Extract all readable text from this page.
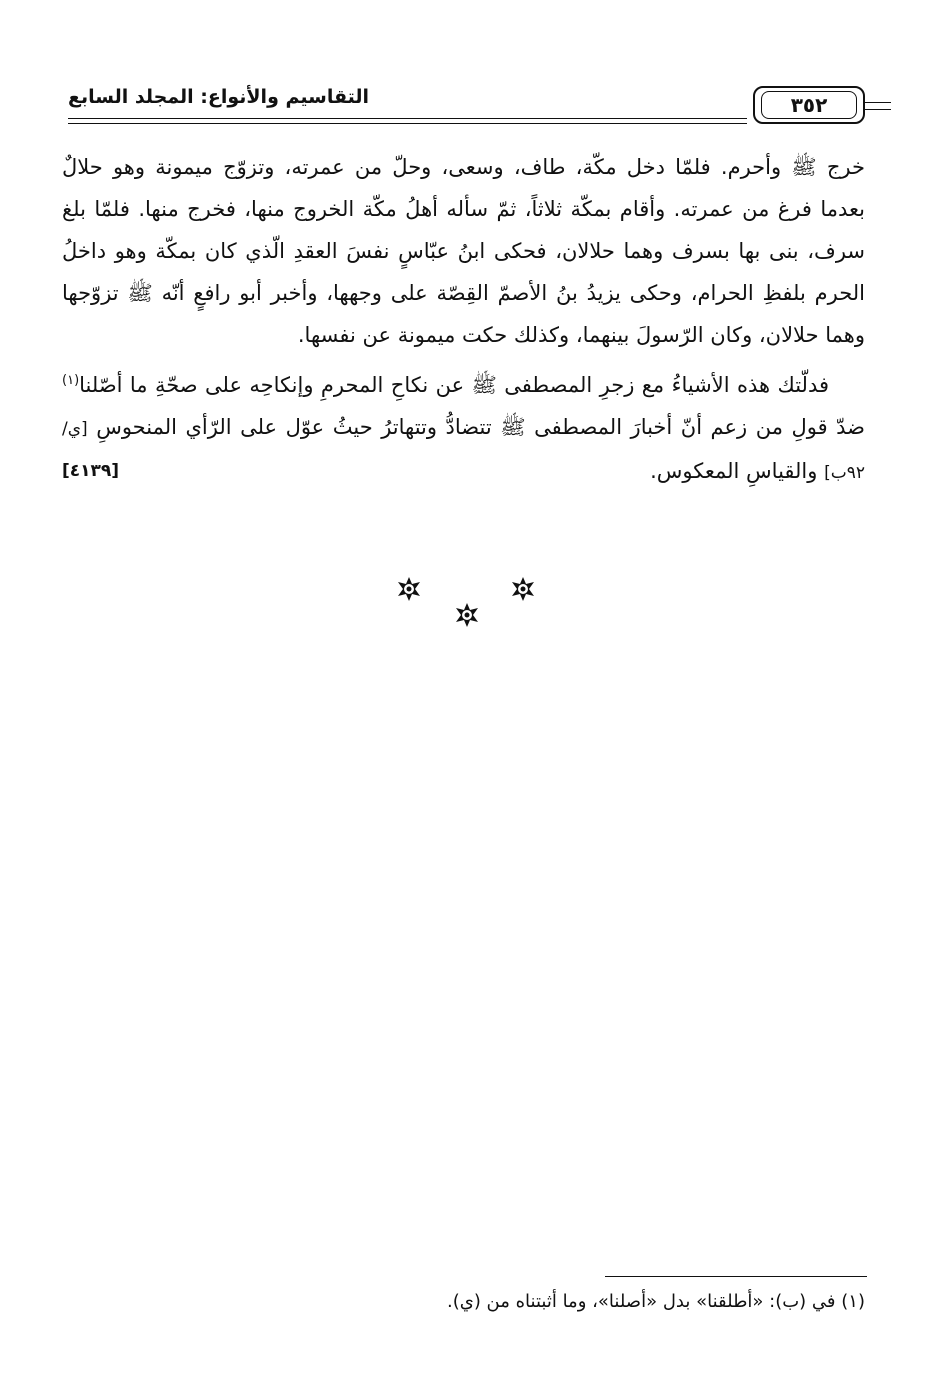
التقاسيم والأنواع: المجلد السابع	٣٥٢

خرج ﷺ وأحرم. فلمّا دخل مكّة، طاف، وسعى، وحلّ من عمرته، وتزوّج ميمونة وهو حلالٌ بعدما فرغ من عمرته. وأقام بمكّة ثلاثاً، ثمّ سأله أهلُ مكّة الخروج منها، فخرج منها. فلمّا بلغ سرف، بنى بها بسرف وهما حلالان، فحكى ابنُ عبّاسٍ نفسَ العقدِ الّذي كان بمكّة وهو داخلُ الحرم بلفظِ الحرام، وحكى يزيدُ بنُ الأصمّ القِصّة على وجهها، وأخبر أبو رافعٍ أنّه ﷺ تزوّجها وهما حلالان، وكان الرّسولَ بينهما، وكذلك حكت ميمونة عن نفسها.

فدلّتك هذه الأشياءُ مع زجرِ المصطفى ﷺ عن نكاحِ المحرمِ وإنكاحِه على صحّةِ ما أصّلنا$^{(١)}$ ضدّ قولِ من زعم أنّ أخبارَ المصطفى ﷺ تتضادُّ وتتهاترُ حيثُ عوّل على الرّأي المنحوسِ [ي/٩٢ب] والقياسِ المعكوس.
[٤١٣٩]

(١) في (ب): «أطلقنا» بدل «أصلنا»، وما أثبتناه من (ي).
